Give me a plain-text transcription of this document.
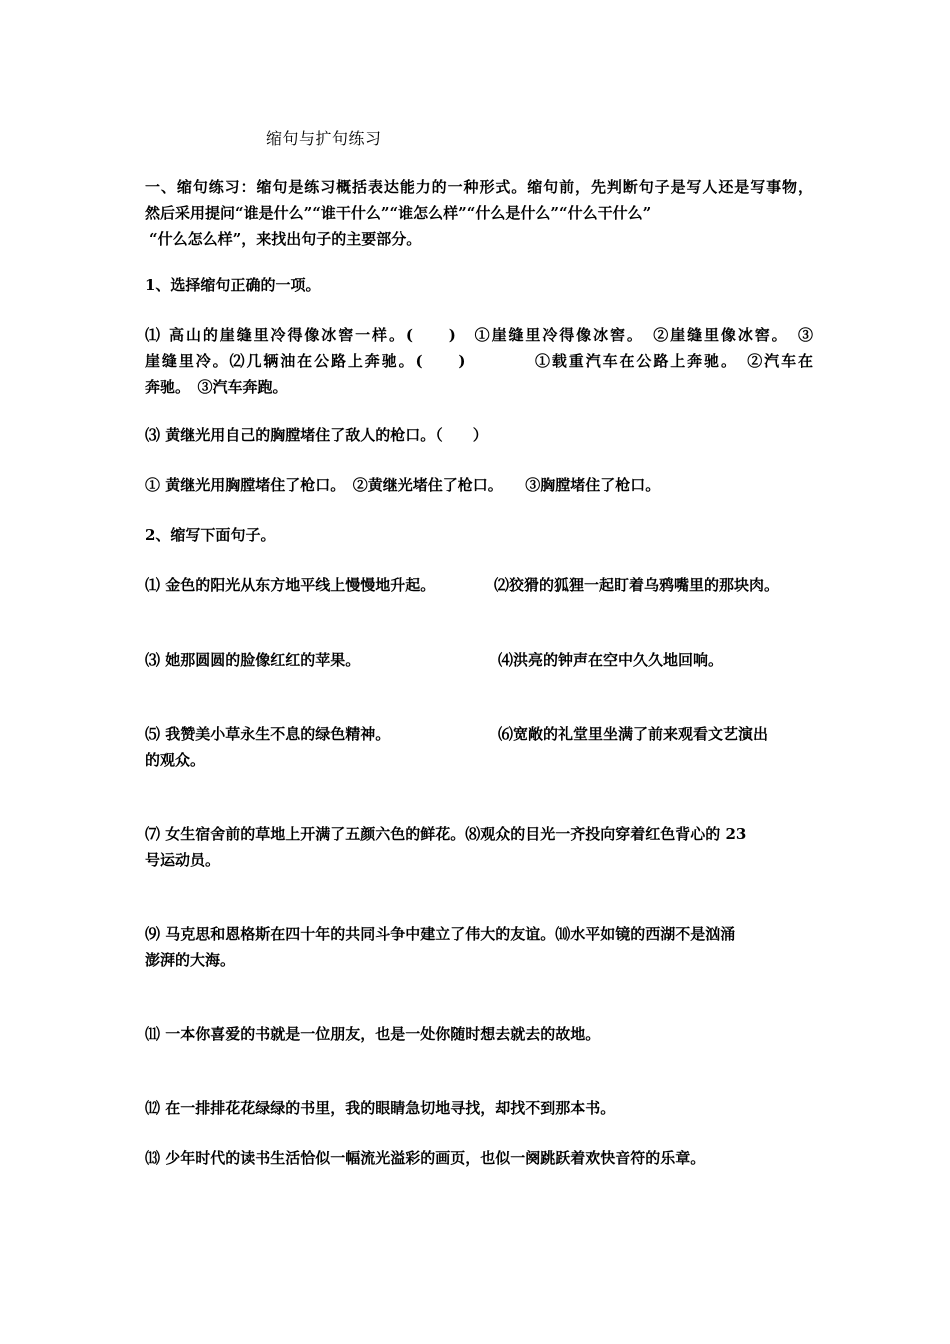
缩句与扩句练习
一、缩句练习：缩句是练习概括表达能力的一种形式。缩句前，先判断句子是写人还是写事物，
然后采用提问“谁是什么”“谁干什么”“谁怎么样”“什么是什么”“什么干什么”
“什么怎么样”，来找出句子的主要部分。
1、选择缩句正确的一项。
⑴ 高山的崖缝里冷得像冰窖一样。(　　)　①崖缝里冷得像冰窖。　②崖缝里像冰窖。　③
崖缝里冷。⑵几辆油在公路上奔驰。(　　)　　　　①载重汽车在公路上奔驰。　②汽车在
奔驰。　③汽车奔跑。
⑶ 黄继光用自己的胸膛堵住了敌人的枪口。（　　）
① 黄继光用胸膛堵住了枪口。　②黄继光堵住了枪口。　　③胸膛堵住了枪口。
2、缩写下面句子。
⑴ 金色的阳光从东方地平线上慢慢地升起。	⑵狡猾的狐狸一起盯着乌鸦嘴里的那块肉。
⑶ 她那圆圆的脸像红红的苹果。	⑷洪亮的钟声在空中久久地回响。
⑸ 我赞美小草永生不息的绿色精神。	⑹宽敞的礼堂里坐满了前来观看文艺演出
的观众。
⑺ 女生宿舍前的草地上开满了五颜六色的鲜花。⑻观众的目光一齐投向穿着红色背心的 23
号运动员。
⑼ 马克思和恩格斯在四十年的共同斗争中建立了伟大的友谊。⑽水平如镜的西湖不是汹涌
澎湃的大海。
⑾ 一本你喜爱的书就是一位朋友，也是一处你随时想去就去的故地。
⑿ 在一排排花花绿绿的书里，我的眼睛急切地寻找，却找不到那本书。
⒀ 少年时代的读书生活恰似一幅流光溢彩的画页，也似一阕跳跃着欢快音符的乐章。
